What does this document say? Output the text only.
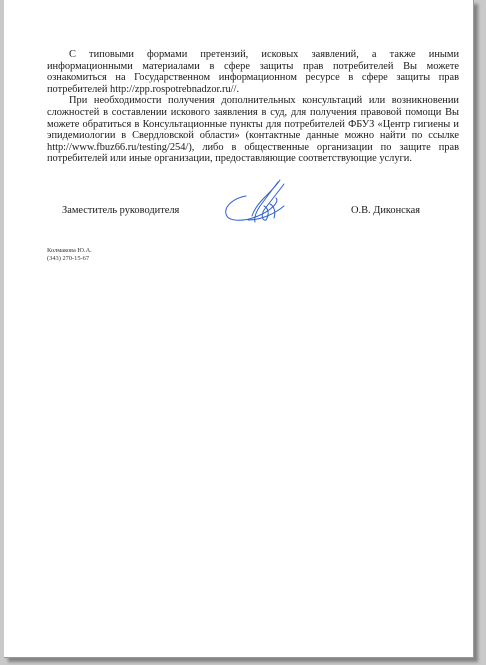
С типовыми формами претензий, исковых заявлений, а также иными информационными материалами в сфере защиты прав потребителей Вы можете ознакомиться на Государственном информационном ресурсе в сфере защиты прав потребителей http://zpp.rospotrebnadzor.ru//.

При необходимости получения дополнительных консультаций или возникновении сложностей в составлении искового заявления в суд, для получения правовой помощи Вы можете обратиться в Консультационные пункты для потребителей ФБУЗ «Центр гигиены и эпидемиологии в Свердловской области» (контактные данные можно найти по ссылке http://www.fbuz66.ru/testing/254/), либо в общественные организации по защите прав потребителей или иные организации, предоставляющие соответствующие услуги.

Заместитель руководителя	О.В. Диконская
Колмакова Ю.А.
(343) 270-15-67
